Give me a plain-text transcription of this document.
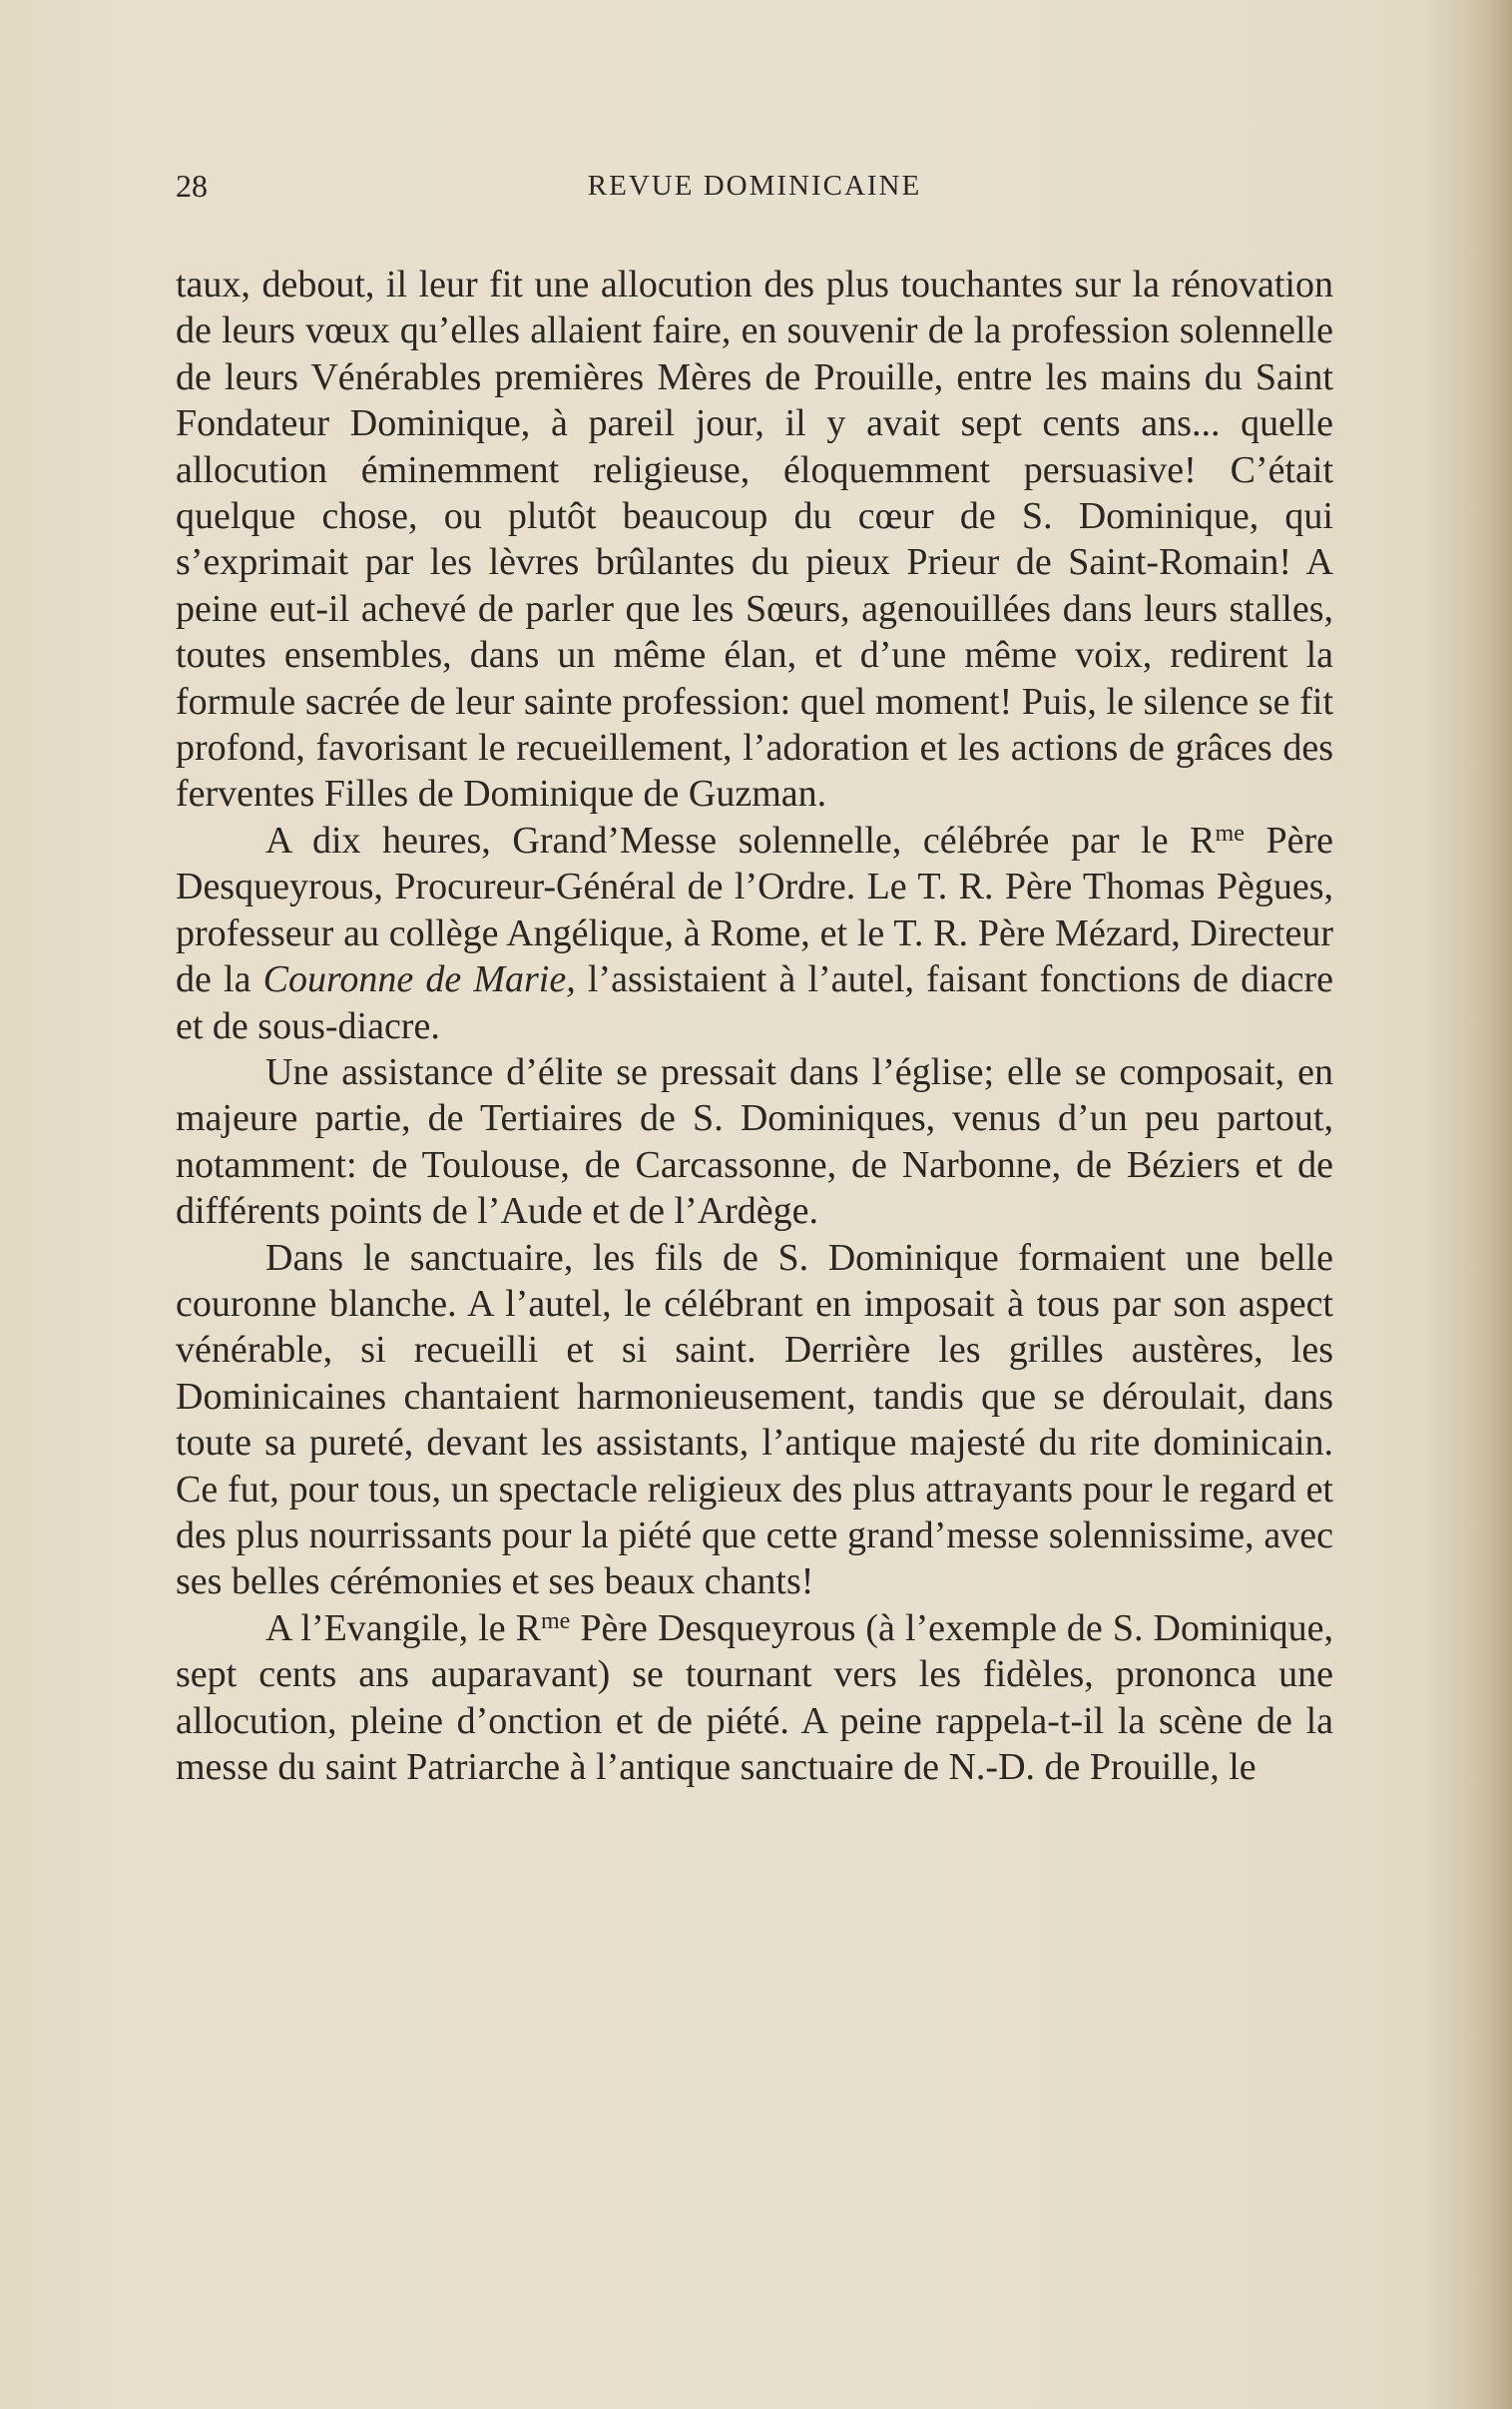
28	REVUE DOMINICAINE

taux, debout, il leur fit une allocution des plus touchantes sur la rénovation de leurs vœux qu’elles allaient faire, en souvenir de la profession solennelle de leurs Vénérables premières Mères de Prouille, entre les mains du Saint Fondateur Dominique, à pareil jour, il y avait sept cents ans... quelle allocution éminemment religieuse, éloquemment persuasive! C’était quelque chose, ou plutôt beaucoup du cœur de S. Dominique, qui s’exprimait par les lèvres brûlantes du pieux Prieur de Saint-Romain! A peine eut-il achevé de parler que les Sœurs, agenouillées dans leurs stalles, toutes ensembles, dans un même élan, et d’une même voix, redirent la formule sacrée de leur sainte profession: quel moment! Puis, le silence se fit profond, favorisant le recueillement, l’adoration et les actions de grâces des ferventes Filles de Dominique de Guzman.

A dix heures, Grand’Messe solennelle, célébrée par le $R^{me}$ Père Desqueyrous, Procureur-Général de l’Ordre. Le T. R. Père Thomas Pègues, professeur au collège Angélique, à Rome, et le T. R. Père Mézard, Directeur de la Couronne de Marie, l’assistaient à l’autel, faisant fonctions de diacre et de sous-diacre.

Une assistance d’élite se pressait dans l’église; elle se composait, en majeure partie, de Tertiaires de S. Dominiques, venus d’un peu partout, notamment: de Toulouse, de Carcassonne, de Narbonne, de Béziers et de différents points de l’Aude et de l’Ardège.

Dans le sanctuaire, les fils de S. Dominique formaient une belle couronne blanche. A l’autel, le célébrant en imposait à tous par son aspect vénérable, si recueilli et si saint. Derrière les grilles austères, les Dominicaines chantaient harmonieusement, tandis que se déroulait, dans toute sa pureté, devant les assistants, l’antique majesté du rite dominicain. Ce fut, pour tous, un spectacle religieux des plus attrayants pour le regard et des plus nourrissants pour la piété que cette grand’messe solennissime, avec ses belles cérémonies et ses beaux chants!

A l’Evangile, le $R^{me}$ Père Desqueyrous (à l’exemple de S. Dominique, sept cents ans auparavant) se tournant vers les fidèles, prononca une allocution, pleine d’onction et de piété. A peine rappela-t-il la scène de la messe du saint Patriarche à l’antique sanctuaire de N.-D. de Prouille, le
